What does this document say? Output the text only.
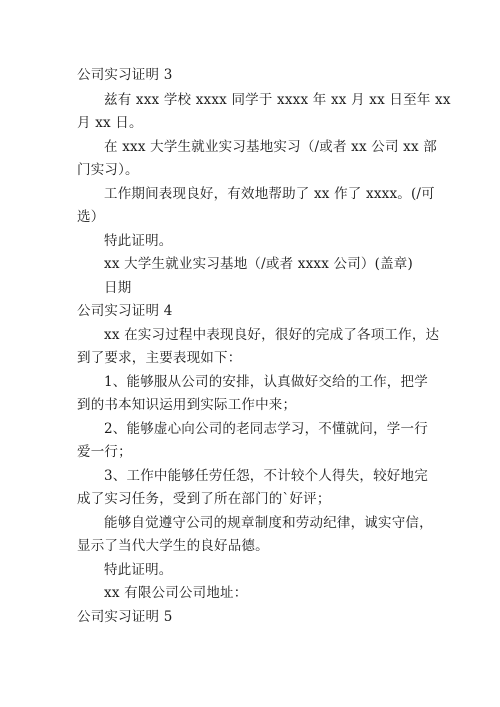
公司实习证明 3
兹有 xxx 学校 xxxx 同学于 xxxx 年 xx 月 xx 日至年 xx
月 xx 日。
在 xxx 大学生就业实习基地实习（/或者 xx 公司 xx 部
门实习）。
工作期间表现良好，有效地帮助了 xx 作了 xxxx。(/可
选）
特此证明。
xx 大学生就业实习基地（/或者 xxxx 公司）(盖章)
日期
公司实习证明 4
xx 在实习过程中表现良好，很好的完成了各项工作，达
到了要求，主要表现如下：
1、能够服从公司的安排，认真做好交给的工作，把学
到的书本知识运用到实际工作中来；
2、能够虚心向公司的老同志学习，不懂就问，学一行
爱一行；
3、工作中能够任劳任怨，不计较个人得失，较好地完
成了实习任务，受到了所在部门的`好评；
能够自觉遵守公司的规章制度和劳动纪律，诚实守信，
显示了当代大学生的良好品德。
特此证明。
xx 有限公司公司地址：
公司实习证明 5
